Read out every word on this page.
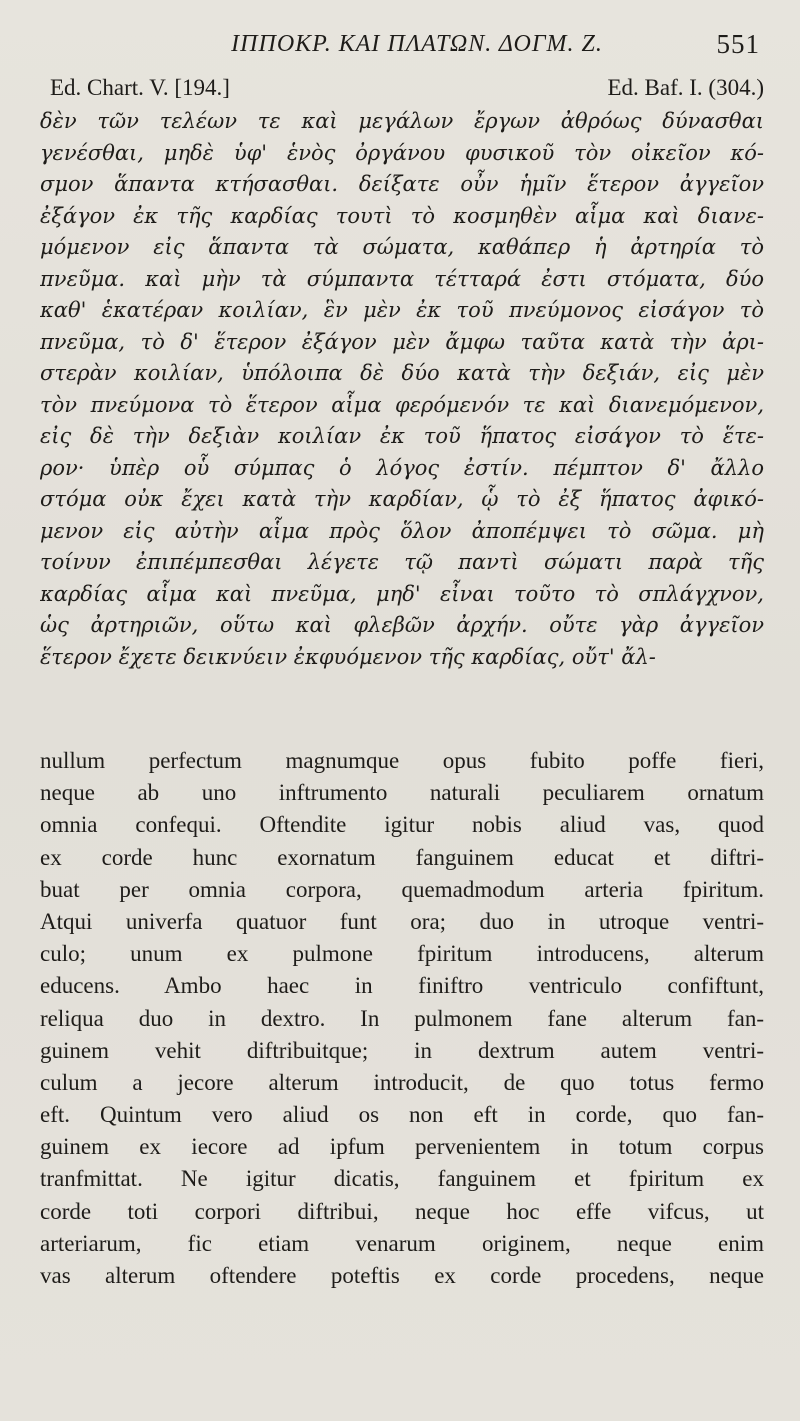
ΙΠΠΟΚΡ. ΚΑΙ ΠΛΑΤΩΝ. ΔΟΓΜ. Ζ.	551
Ed. Chart. V. [194.]	Ed. Baf. I. (304.)
δὲν τῶν τελέων τε καὶ μεγάλων ἔργων ἀθρόως δύνασθαι
γενέσθαι, μηδὲ ὑφ' ἑνὸς ὀργάνου φυσικοῦ τὸν οἰκεῖον κό-
σμον ἅπαντα κτήσασθαι. δείξατε οὖν ἡμῖν ἕτερον ἀγγεῖον
ἐξάγον ἐκ τῆς καρδίας τουτὶ τὸ κοσμηθὲν αἷμα καὶ διανε-
μόμενον εἰς ἅπαντα τὰ σώματα, καθάπερ ἡ ἀρτηρία τὸ
πνεῦμα. καὶ μὴν τὰ σύμπαντα τέτταρά ἐστι στόματα, δύο
καθ' ἑκατέραν κοιλίαν, ἓν μὲν ἐκ τοῦ πνεύμονος εἰσάγον τὸ
πνεῦμα, τὸ δ' ἕτερον ἐξάγον μὲν ἄμφω ταῦτα κατὰ τὴν ἀρι-
στερὰν κοιλίαν, ὑπόλοιπα δὲ δύο κατὰ τὴν δεξιάν, εἰς μὲν
τὸν πνεύμονα τὸ ἕτερον αἷμα φερόμενόν τε καὶ διανεμόμενον,
εἰς δὲ τὴν δεξιὰν κοιλίαν ἐκ τοῦ ἥπατος εἰσάγον τὸ ἕτε-
ρον· ὑπὲρ οὗ σύμπας ὁ λόγος ἐστίν. πέμπτον δ' ἄλλο
στόμα οὐκ ἔχει κατὰ τὴν καρδίαν, ᾧ τὸ ἐξ ἥπατος ἀφικό-
μενον εἰς αὐτὴν αἷμα πρὸς ὅλον ἀποπέμψει τὸ σῶμα. μὴ
τοίνυν ἐπιπέμπεσθαι λέγετε τῷ παντὶ σώματι παρὰ τῆς
καρδίας αἷμα καὶ πνεῦμα, μηδ' εἶναι τοῦτο τὸ σπλάγχνον,
ὡς ἀρτηριῶν, οὕτω καὶ φλεβῶν ἀρχήν. οὔτε γὰρ ἀγγεῖον
ἕτερον ἔχετε δεικνύειν ἐκφυόμενον τῆς καρδίας, οὔτ' ἄλ-
nullum perfectum magnumque opus fubito poffe fieri,
neque ab uno inftrumento naturali peculiarem ornatum
omnia confequi. Oftendite igitur nobis aliud vas, quod
ex corde hunc exornatum fanguinem educat et diftri-
buat per omnia corpora, quemadmodum arteria fpiritum.
Atqui univerfa quatuor funt ora; duo in utroque ventri-
culo; unum ex pulmone fpiritum introducens, alterum
educens. Ambo haec in finiftro ventriculo confiftunt,
reliqua duo in dextro. In pulmonem fane alterum fan-
guinem vehit diftribuitque; in dextrum autem ventri-
culum a jecore alterum introducit, de quo totus fermo
eft. Quintum vero aliud os non eft in corde, quo fan-
guinem ex iecore ad ipfum pervenientem in totum corpus
tranfmittat. Ne igitur dicatis, fanguinem et fpiritum ex
corde toti corpori diftribui, neque hoc effe vifcus, ut
arteriarum, fic etiam venarum originem, neque enim
vas alterum oftendere poteftis ex corde procedens, neque
